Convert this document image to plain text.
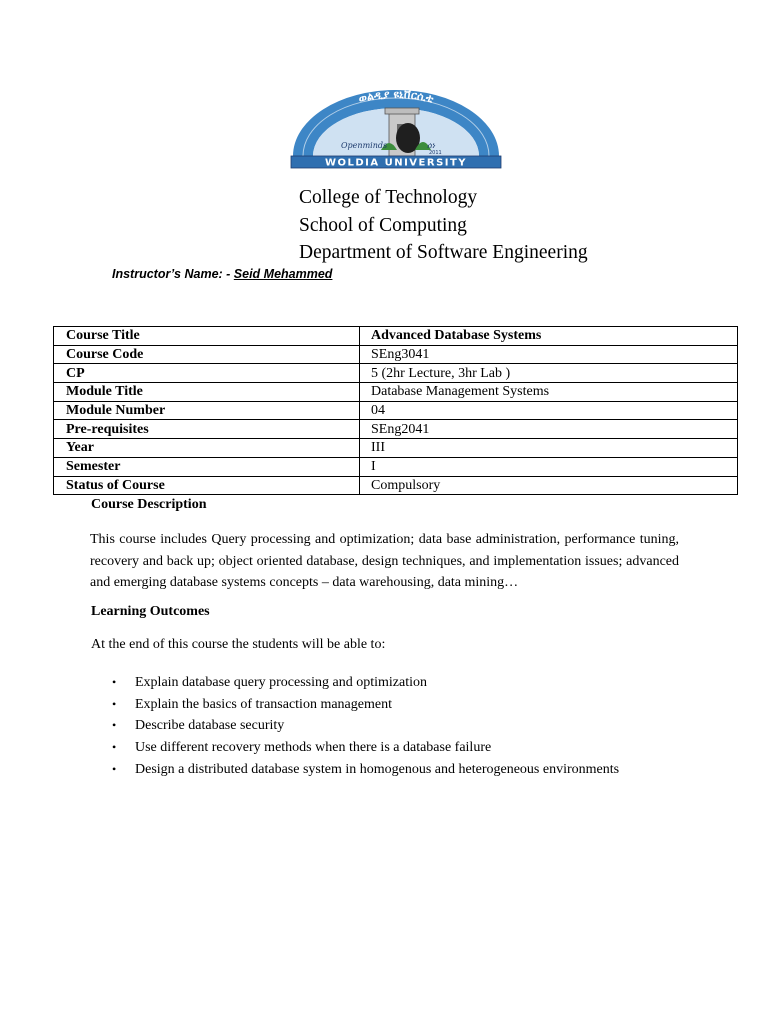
ወልዲያ ዩኒቨርሲቲ
Openminds	ሰነ
2011
WOLDIA UNIVERSITY
College of Technology
School of Computing
Department of Software Engineering
Instructor’s Name: - Seid Mehammed
Course Title	Advanced Database Systems
Course Code	SEng3041
CP	5 (2hr Lecture, 3hr Lab )
Module Title	Database Management Systems
Module Number	04
Pre-requisites	SEng2041
Year	III
Semester	I
Status of Course	Compulsory
Course Description

This course includes Query processing and optimization; data base administration, performance tuning, recovery and back up; object oriented database, design techniques, and implementation issues; advanced and emerging database systems concepts – data warehousing, data mining…

Learning Outcomes
At the end of this course the students will be able to:
• Explain database query processing and optimization
• Explain the basics of transaction management
• Describe database security
• Use different recovery methods when there is a database failure
• Design a distributed database system in homogenous and heterogeneous environments
